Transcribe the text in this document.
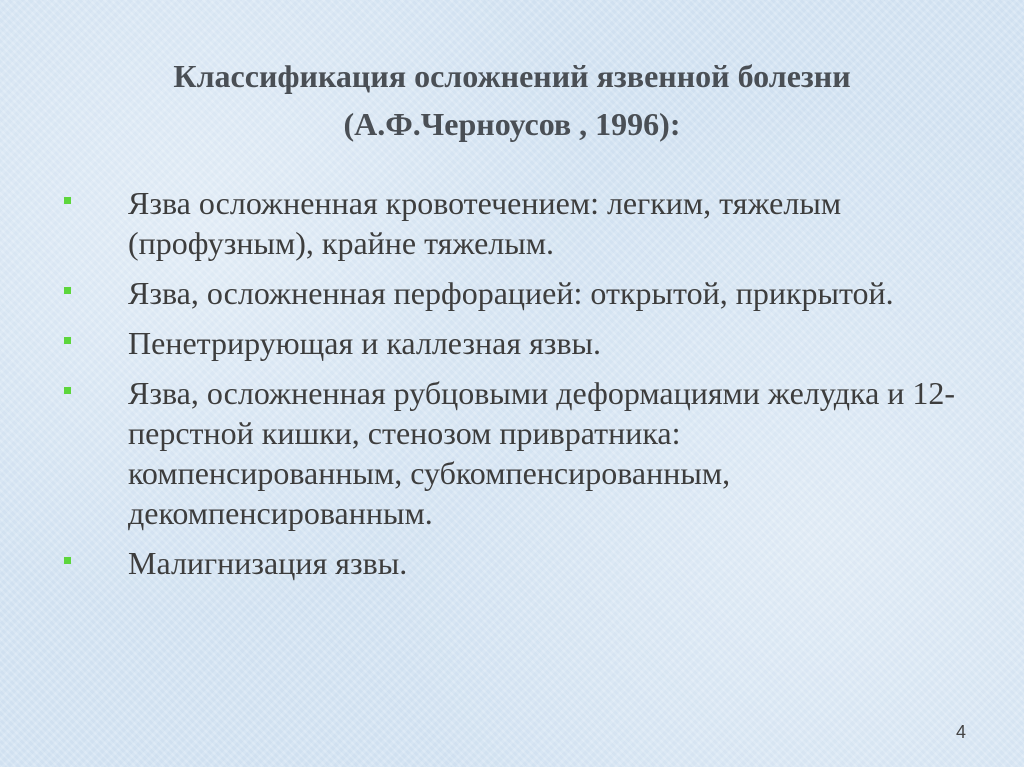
Классификация осложнений язвенной болезни
(А.Ф.Черноусов , 1996):
Язва осложненная кровотечением: легким, тяжелым (профузным), крайне тяжелым.
Язва, осложненная перфорацией: открытой, прикрытой.
Пенетрирующая и каллезная язвы.
Язва, осложненная рубцовыми деформациями желудка и 12-перстной кишки, стенозом привратника: компенсированным, субкомпенсированным, декомпенсированным.
Малигнизация язвы.
4
